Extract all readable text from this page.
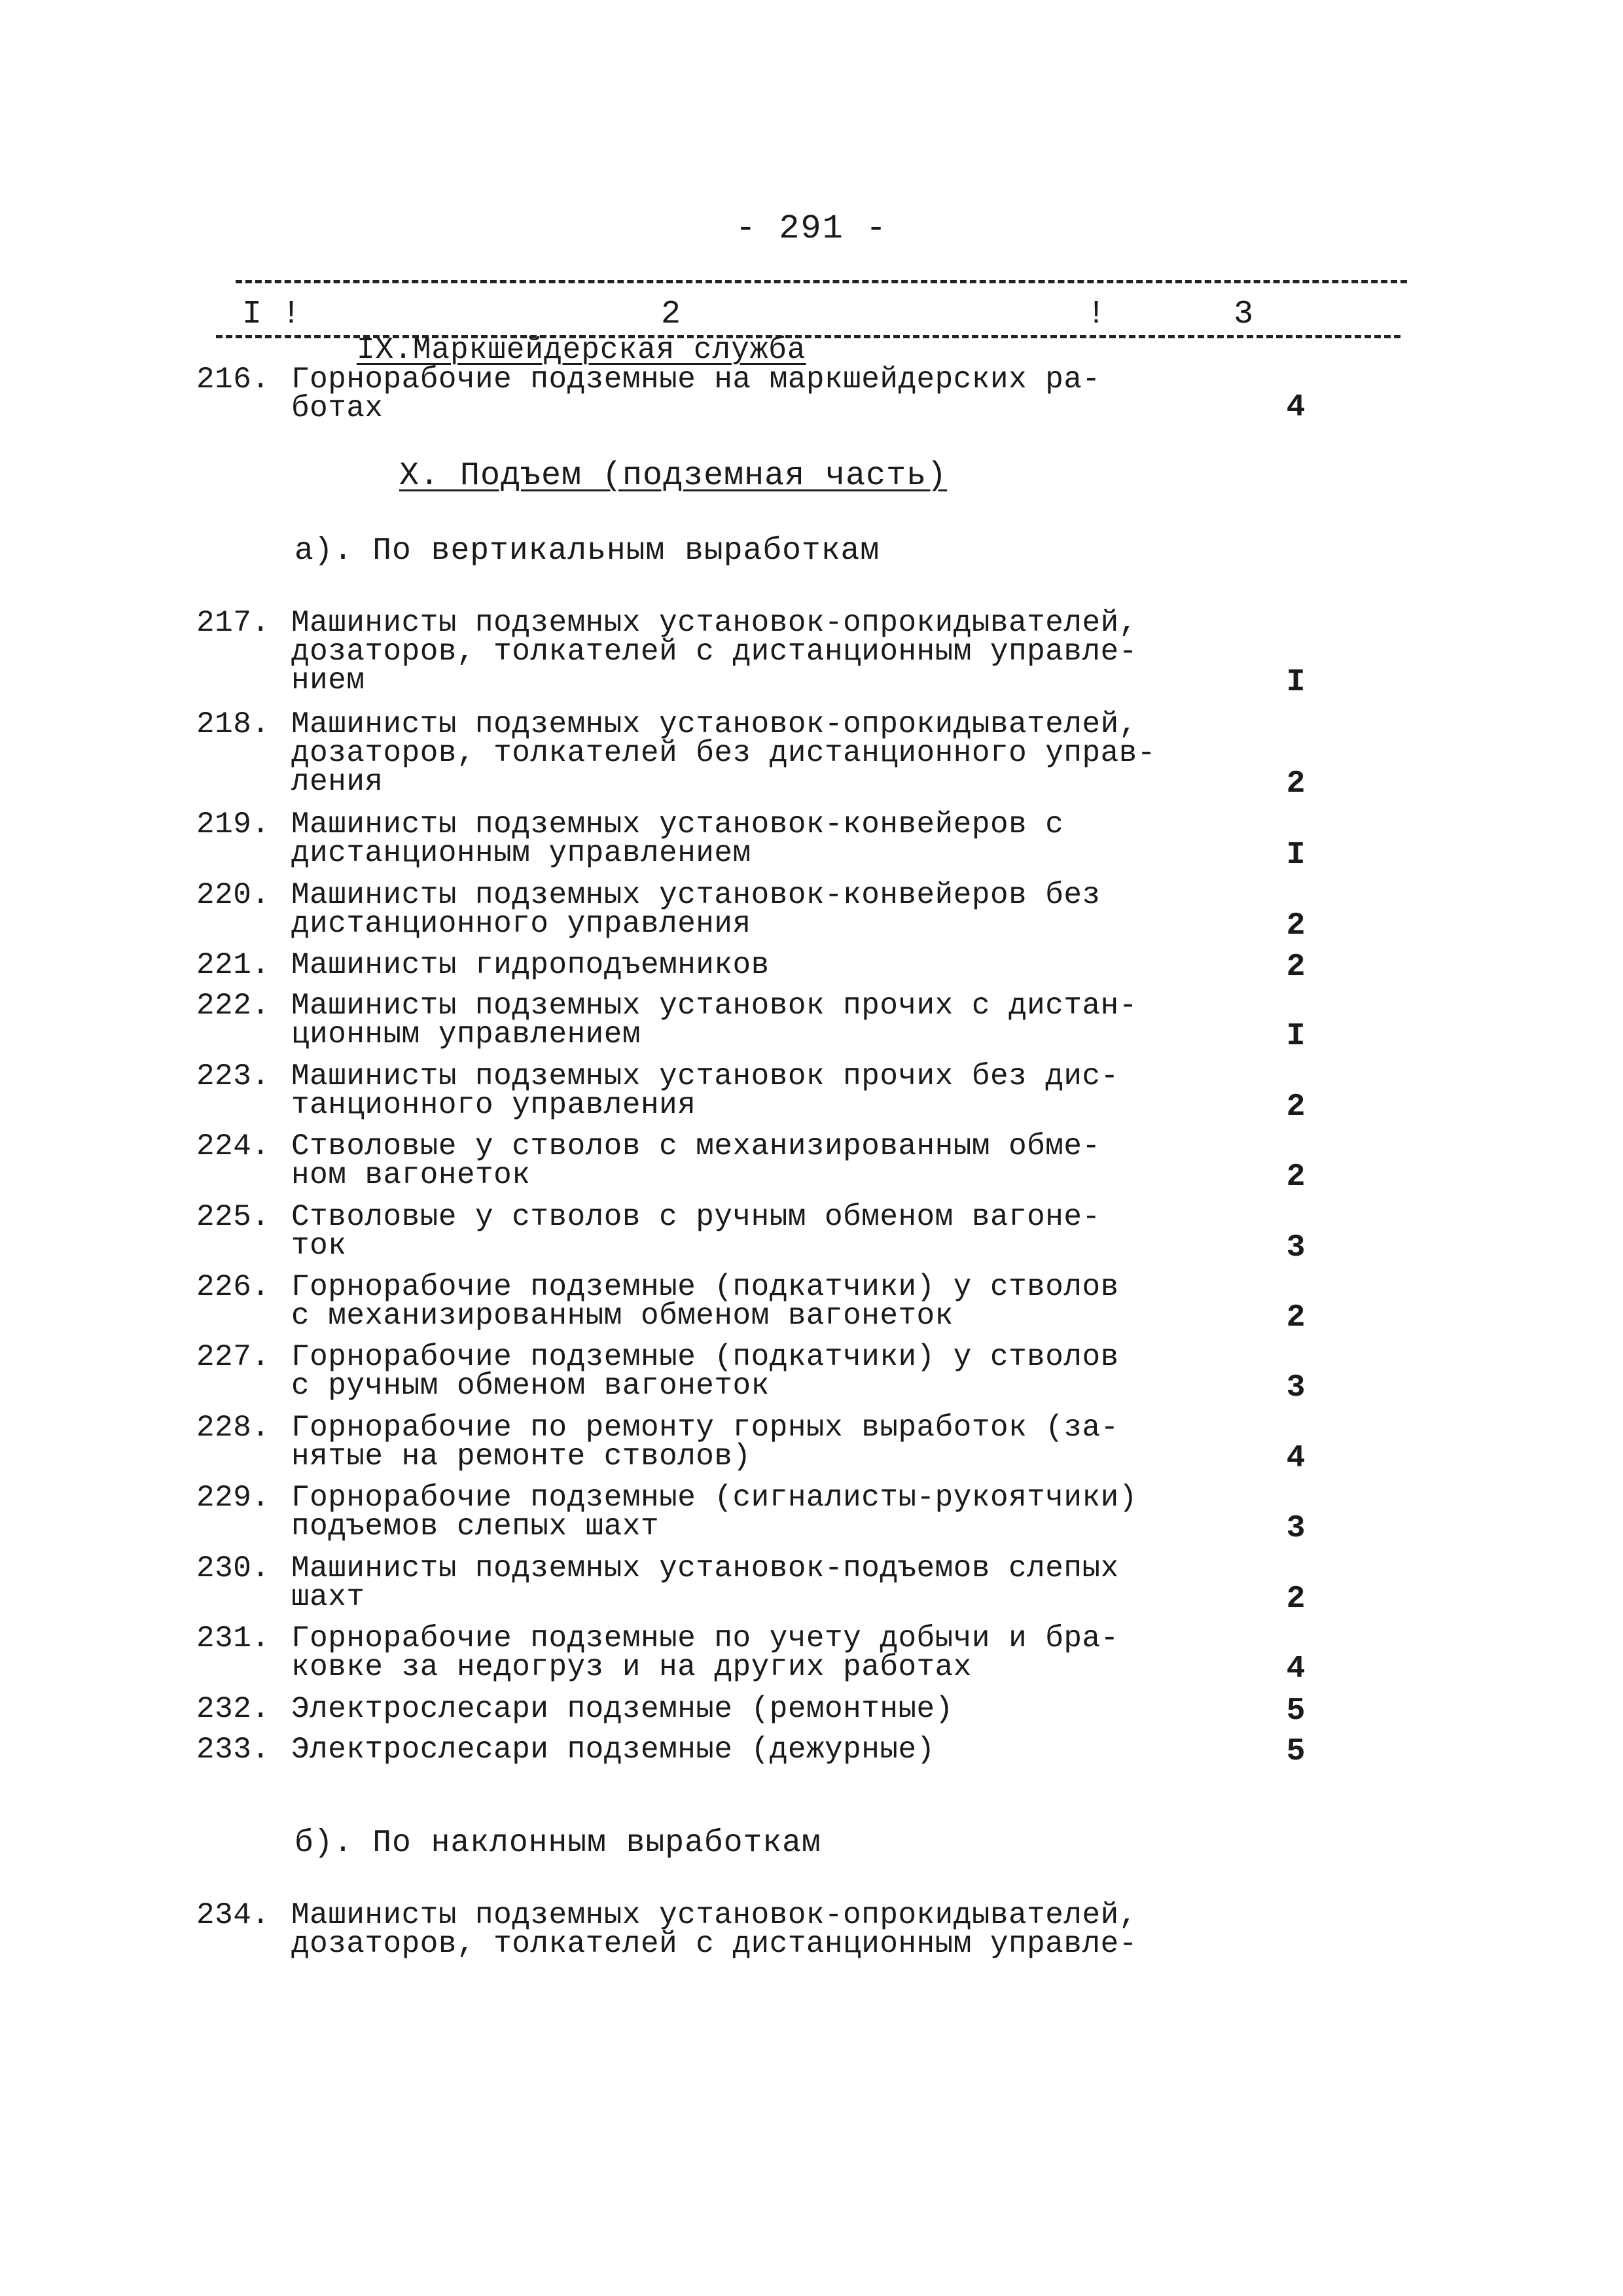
- 291 -
I !	2	!	3
IX.Маркшейдерская служба
216. Горнорабочие подземные на маркшейдерских ра-
ботах	4
X. Подъем (подземная часть)
а). По вертикальным выработкам
217. Машинисты подземных установок-опрокидывателей,
дозаторов, толкателей с дистанционным управле-
нием	I
218. Машинисты подземных установок-опрокидывателей,
дозаторов, толкателей без дистанционного управ-
ления	2
219. Машинисты подземных установок-конвейеров с
дистанционным управлением	I
220. Машинисты подземных установок-конвейеров без
дистанционного управления	2
221. Машинисты гидроподъемников	2
222. Машинисты подземных установок прочих с дистан-
ционным управлением	I
223. Машинисты подземных установок прочих без дис-
танционного управления	2
224. Стволовые у стволов с механизированным обме-
ном вагонеток	2
225. Стволовые у стволов с ручным обменом вагоне-
ток	3
226. Горнорабочие подземные (подкатчики) у стволов
с механизированным обменом вагонеток	2
227. Горнорабочие подземные (подкатчики) у стволов
с ручным обменом вагонеток	3
228. Горнорабочие по ремонту горных выработок (за-
нятые на ремонте стволов)	4
229. Горнорабочие подземные (сигналисты-рукоятчики)
подъемов слепых шахт	3
230. Машинисты подземных установок-подъемов слепых
шахт	2
231. Горнорабочие подземные по учету добычи и бра-
ковке за недогруз и на других работах	4
232. Электрослесари подземные (ремонтные)	5
233. Электрослесари подземные (дежурные)	5
б). По наклонным выработкам
234. Машинисты подземных установок-опрокидывателей,
дозаторов, толкателей с дистанционным управле-
